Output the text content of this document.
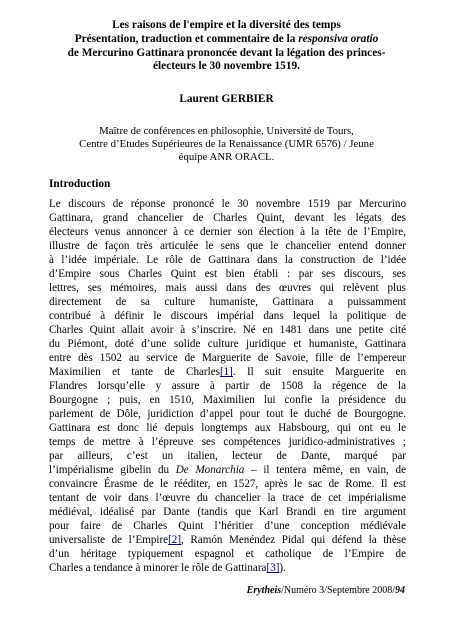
Les raisons de l'empire et la diversité des temps
Présentation, traduction et commentaire de la responsiva oratio
de Mercurino Gattinara prononcée devant la légation des princes-
électeurs le 30 novembre 1519.
Laurent GERBIER
Maître de conférences en philosophie, Université de Tours,
Centre d’Etudes Supérieures de la Renaissance (UMR 6576) / Jeune
équipe ANR ORACL.
Introduction
Le discours de réponse prononcé le 30 novembre 1519 par Mercurino
Gattinara, grand chancelier de Charles Quint, devant les légats des
électeurs venus annoncer à ce dernier son élection à la tête de l’Empire,
illustre de façon très articulée le sens que le chancelier entend donner
à l’idée impériale. Le rôle de Gattinara dans la construction de l’idée
d’Empire sous Charles Quint est bien établi : par ses discours, ses
lettres, ses mémoires, mais aussi dans des œuvres qui relèvent plus
directement de sa culture humaniste, Gattinara a puissamment
contribué à définir le discours impérial dans lequel la politique de
Charles Quint allait avoir à s’inscrire. Né en 1481 dans une petite cité
du Piémont, doté d’une solide culture juridique et humaniste, Gattinara
entre dès 1502 au service de Marguerite de Savoie, fille de l’empereur
Maximilien et tante de Charles[1]. Il suit ensuite Marguerite en
Flandres lorsqu’elle y assure à partir de 1508 la régence de la
Bourgogne ; puis, en 1510, Maximilien lui confie la présidence du
parlement de Dôle, juridiction d’appel pour tout le duché de Bourgogne.
Gattinara est donc lié depuis longtemps aux Habsbourg, qui ont eu le
temps de mettre à l’épreuve ses compétences juridico-administratives ;
par ailleurs, c’est un italien, lecteur de Dante, marqué par
l’impérialisme gibelin du De Monarchia – il tentera même, en vain, de
convaincre Érasme de le rééditer, en 1527, après le sac de Rome. Il est
tentant de voir dans l’œuvre du chancelier la trace de cet impérialisme
médiéval, idéalisé par Dante (tandis que Karl Brandi en tire argument
pour faire de Charles Quint l’héritier d’une conception médiévale
universaliste de l’Empire[2], Ramón Menéndez Pidal qui défend la thèse
d’un héritage typiquement espagnol et catholique de l’Empire de
Charles a tendance à minorer le rôle de Gattinara[3]).
Erytheis/Numéro 3/Septembre 2008/94
